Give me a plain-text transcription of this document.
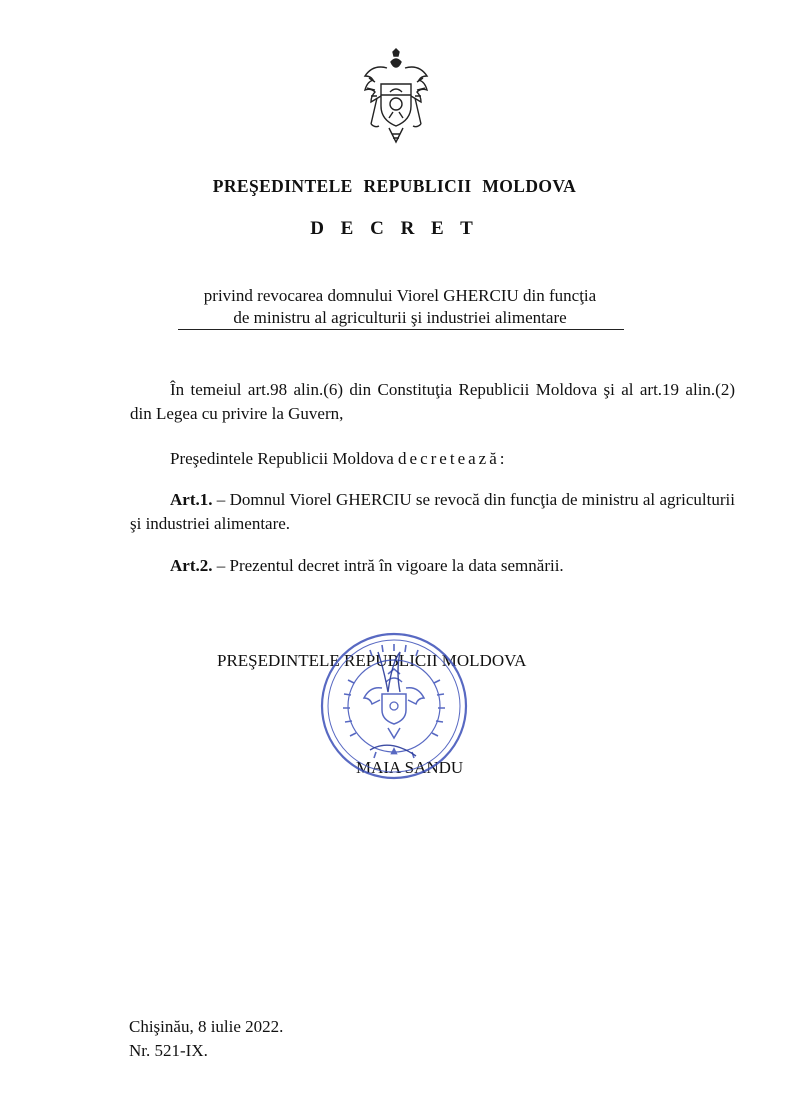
PREŞEDINTELE REPUBLICII MOLDOVA
D E C R E T
privind revocarea domnului Viorel GHERCIU din funcţia
de ministru al agriculturii şi industriei alimentare
În temeiul art.98 alin.(6) din Constituţia Republicii Moldova şi al art.19 alin.(2) din Legea cu privire la Guvern,
Preşedintele Republicii Moldova decretează:
Art.1. – Domnul Viorel GHERCIU se revocă din funcţia de ministru al agriculturii şi industriei alimentare.
Art.2. – Prezentul decret intră în vigoare la data semnării.
PREŞEDINTELE REPUBLICII MOLDOVA
MAIA SANDU
Chişinău, 8 iulie 2022.
Nr. 521-IX.
